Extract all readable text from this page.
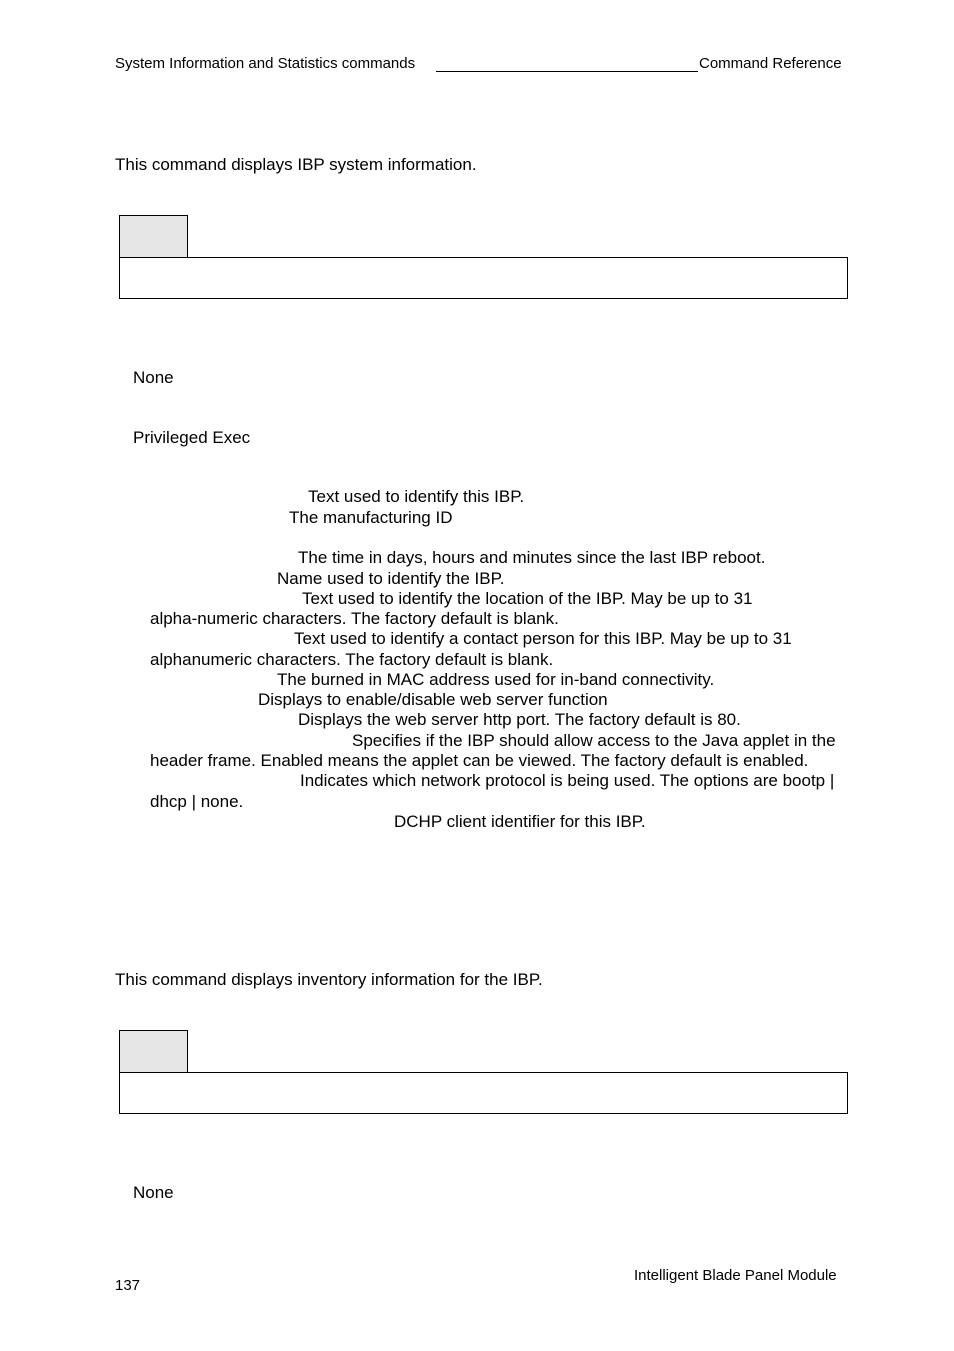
System Information and Statistics commands	Command Reference
This command displays IBP system information.
None
Privileged Exec
Text used to identify this IBP.
The manufacturing ID
The time in days, hours and minutes since the last IBP reboot.
Name used to identify the IBP.
Text used to identify the location of the IBP. May be up to 31
alpha-numeric characters. The factory default is blank.
Text used to identify a contact person for this IBP. May be up to 31
alphanumeric characters. The factory default is blank.
The burned in MAC address used for in-band connectivity.
Displays to enable/disable web server function
Displays the web server http port. The factory default is 80.
Specifies if the IBP should allow access to the Java applet in the
header frame. Enabled means the applet can be viewed. The factory default is enabled.
Indicates which network protocol is being used. The options are bootp |
dhcp | none.
DCHP client identifier for this IBP.
This command displays inventory information for the IBP.
None
137
Intelligent Blade Panel Module
